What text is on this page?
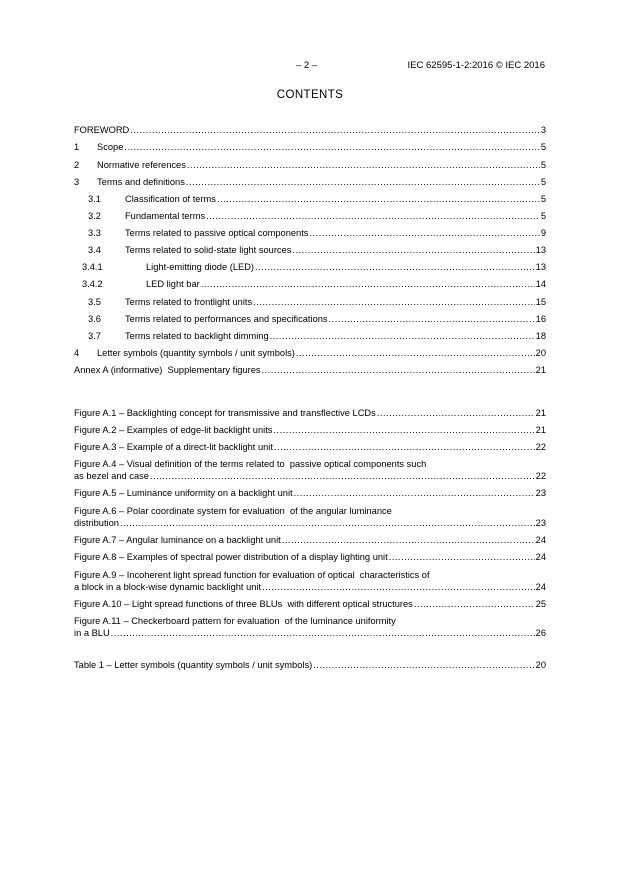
– 2 –	IEC 62595-1-2:2016 © IEC 2016
CONTENTS
FOREWORD .....	3
1	Scope .....	5
2	Normative references .....	5
3	Terms and definitions .....	5
3.1	Classification of terms .....	5
3.2	Fundamental terms .....	5
3.3	Terms related to passive optical components .....	9
3.4	Terms related to solid-state light sources .....	13
3.4.1	Light-emitting diode (LED) .....	13
3.4.2	LED light bar .....	14
3.5	Terms related to frontlight units .....	15
3.6	Terms related to performances and specifications .....	16
3.7	Terms related to backlight dimming .....	18
4	Letter symbols (quantity symbols / unit symbols) .....	20
Annex A (informative)  Supplementary figures .....	21
Figure A.1 – Backlighting concept for transmissive and transflective LCDs .....	21
Figure A.2 – Examples of edge-lit backlight units .....	21
Figure A.3 – Example of a direct-lit backlight unit .....	22
Figure A.4 – Visual definition of the terms related to  passive optical components such
as bezel and case .....	22
Figure A.5 – Luminance uniformity on a backlight unit .....	23
Figure A.6 – Polar coordinate system for evaluation  of the angular luminance
distribution .....	23
Figure A.7 – Angular luminance on a backlight unit .....	24
Figure A.8 – Examples of spectral power distribution of a display lighting unit .....	24
Figure A.9 – Incoherent light spread function for evaluation of optical  characteristics of
a block in a block-wise dynamic backlight unit .....	24
Figure A.10 – Light spread functions of three BLUs  with different optical structures .....	25
Figure A.11 – Checkerboard pattern for evaluation  of the luminance uniformity
in a BLU .....	26
Table 1 – Letter symbols (quantity symbols / unit symbols) .....	20
